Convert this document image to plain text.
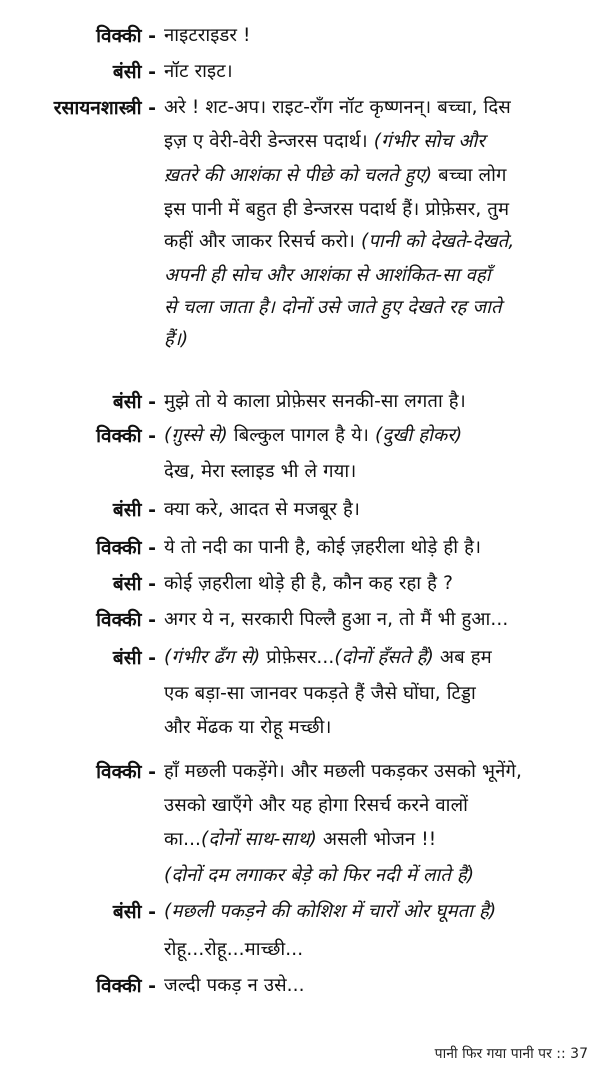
विक्की - नाइटराइडर !
बंसी - नॉट राइट।
रसायनशास्त्री - अरे ! शट-अप। राइट-रॉंग नॉट कृष्णनन्। बच्चा, दिस
इज़ ए वेरी-वेरी डेन्जरस पदार्थ। (गंभीर सोच और
ख़तरे की आशंका से पीछे को चलते हुए) बच्चा लोग
इस पानी में बहुत ही डेन्जरस पदार्थ हैं। प्रोफ़ेसर, तुम
कहीं और जाकर रिसर्च करो। (पानी को देखते-देखते,
अपनी ही सोच और आशंका से आशंकित-सा वहाँ
से चला जाता है। दोनों उसे जाते हुए देखते रह जाते
हैं।)
बंसी - मुझे तो ये काला प्रोफ़ेसर सनकी-सा लगता है।
विक्की - (ग़ुस्से से) बिल्कुल पागल है ये। (दुखी होकर)
देख, मेरा स्लाइड भी ले गया।
बंसी - क्या करे, आदत से मजबूर है।
विक्की - ये तो नदी का पानी है, कोई ज़हरीला थोड़े ही है।
बंसी - कोई ज़हरीला थोड़े ही है, कौन कह रहा है ?
विक्की - अगर ये न, सरकारी पिल्लै हुआ न, तो मैं भी हुआ...
बंसी - (गंभीर ढँग से) प्रोफ़ेसर...(दोनों हँसते हैं) अब हम
एक बड़ा-सा जानवर पकड़ते हैं जैसे घोंघा, टिड्डा
और मेंढक या रोहू मच्छी।
विक्की - हाँ मछली पकड़ेंगे। और मछली पकड़कर उसको भूनेंगे,
उसको खाएँगे और यह होगा रिसर्च करने वालों
का...(दोनों साथ-साथ) असली भोजन !!
(दोनों दम लगाकर बेड़े को फिर नदी में लाते हैं)
बंसी - (मछली पकड़ने की कोशिश में चारों ओर घूमता है)
रोहू...रोहू...माच्छी...
विक्की - जल्दी पकड़ न उसे...
पानी फिर गया पानी पर :: 37
